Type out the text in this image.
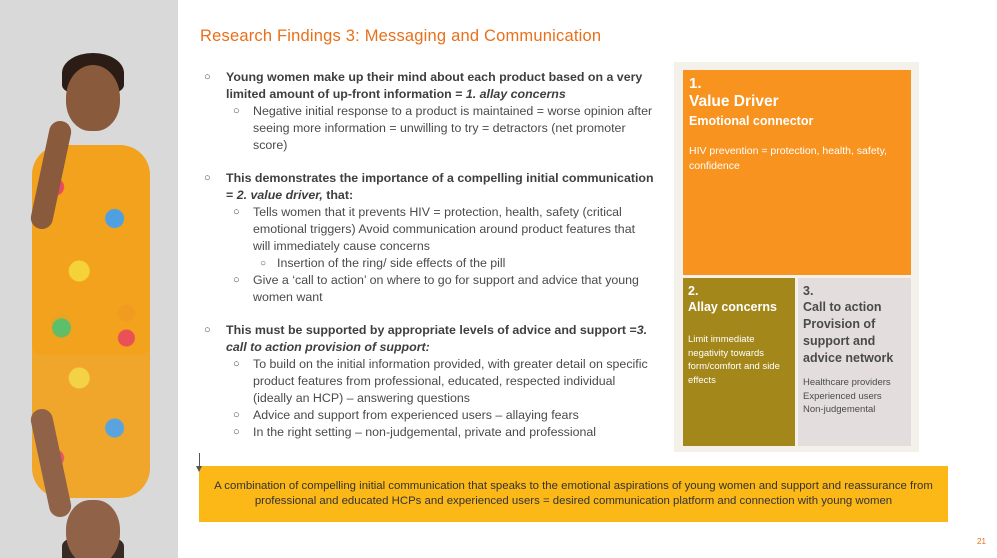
Research Findings 3: Messaging and Communication
○ Young women make up their mind about each product based on a very limited amount of up-front information = 1. allay concerns
○ Negative initial response to a product is maintained = worse opinion after seeing more information = unwilling to try = detractors (net promoter score)
○ This demonstrates the importance of a compelling initial communication = 2. value driver, that:
○ Tells women that it prevents HIV = protection, health, safety (critical emotional triggers) Avoid communication around product features that will immediately cause concerns
○ Insertion of the ring/ side effects of the pill
○ Give a ‘call to action’ on where to go for support and advice that young women want
○ This must be supported by appropriate levels of advice and support =3. call to action provision of support:
○ To build on the initial information provided, with greater detail on specific product features from professional, educated, respected individual (ideally an HCP) – answering questions
○ Advice and support from experienced users – allaying fears
○ In the right setting – non-judgemental, private and professional
1.
Value Driver
Emotional connector
HIV prevention = protection, health, safety, confidence
2.
Allay concerns
Limit immediate negativity towards form/comfort and side effects
3.
Call to action Provision of support and advice network
Healthcare providers
Experienced users
Non-judgemental
A combination of compelling initial communication that speaks to the emotional aspirations of young women and support and reassurance from professional and educated HCPs and experienced users = desired communication platform and connection with young women
21
